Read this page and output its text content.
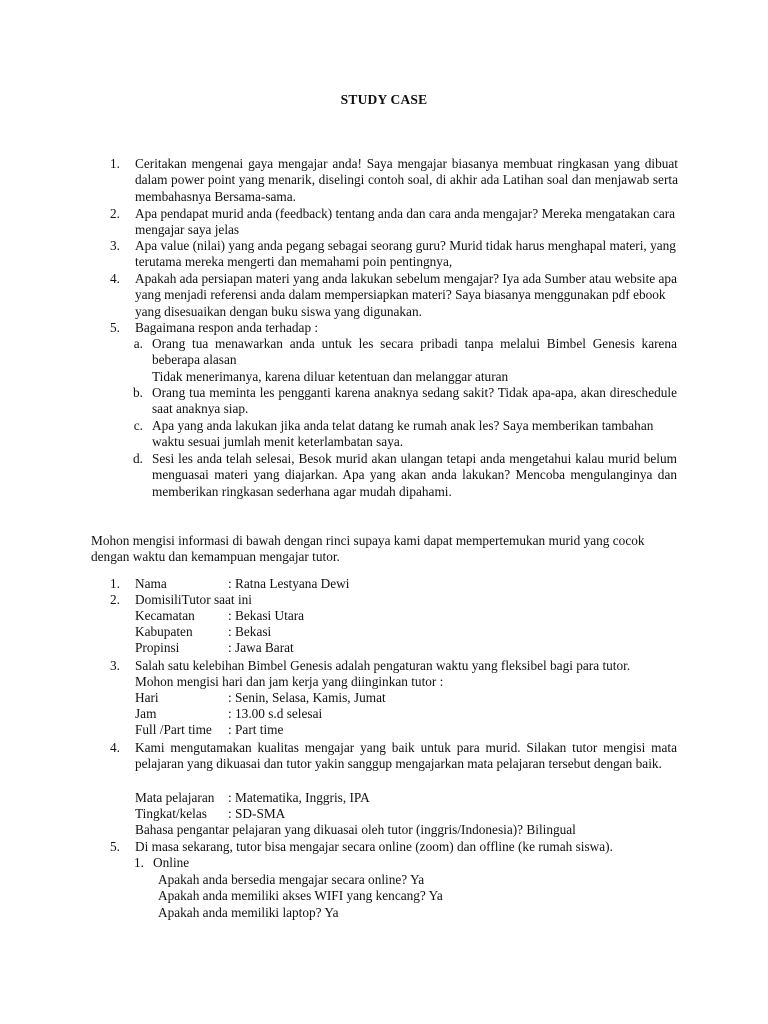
STUDY CASE
1. Ceritakan mengenai gaya mengajar anda! Saya mengajar biasanya membuat ringkasan yang dibuat dalam power point yang menarik, diselingi contoh soal, di akhir ada Latihan soal dan menjawab serta membahasnya Bersama-sama.
2. Apa pendapat murid anda (feedback) tentang anda dan cara anda mengajar? Mereka mengatakan cara mengajar saya jelas
3. Apa value (nilai) yang anda pegang sebagai seorang guru? Murid tidak harus menghapal materi, yang terutama mereka mengerti dan memahami poin pentingnya,
4. Apakah ada persiapan materi yang anda lakukan sebelum mengajar? Iya ada Sumber atau website apa yang menjadi referensi anda dalam mempersiapkan materi? Saya biasanya menggunakan pdf ebook yang disesuaikan dengan buku siswa yang digunakan.
5. Bagaimana respon anda terhadap :
a. Orang tua menawarkan anda untuk les secara pribadi tanpa melalui Bimbel Genesis karena beberapa alasan
Tidak menerimanya, karena diluar ketentuan dan melanggar aturan
b. Orang tua meminta les pengganti karena anaknya sedang sakit? Tidak apa-apa, akan direschedule saat anaknya siap.
c. Apa yang anda lakukan jika anda telat datang ke rumah anak les? Saya memberikan tambahan waktu sesuai jumlah menit keterlambatan saya.
d. Sesi les anda telah selesai, Besok murid akan ulangan tetapi anda mengetahui kalau murid belum menguasai materi yang diajarkan. Apa yang akan anda lakukan? Mencoba mengulanginya dan memberikan ringkasan sederhana agar mudah dipahami.
Mohon mengisi informasi di bawah dengan rinci supaya kami dapat mempertemukan murid yang cocok dengan waktu dan kemampuan mengajar tutor.
1. Nama	: Ratna Lestyana Dewi
2. DomisiliTutor saat ini
Kecamatan : Bekasi Utara
Kabupaten	: Bekasi
Propinsi	: Jawa Barat
3. Salah satu kelebihan Bimbel Genesis adalah pengaturan waktu yang fleksibel bagi para tutor.
Mohon mengisi hari dan jam kerja yang diinginkan tutor :
Hari	: Senin, Selasa, Kamis, Jumat
Jam	: 13.00 s.d selesai
Full /Part time : Part time
4. Kami mengutamakan kualitas mengajar yang baik untuk para murid. Silakan tutor mengisi mata pelajaran yang dikuasai dan tutor yakin sanggup mengajarkan mata pelajaran tersebut dengan baik.
Mata pelajaran : Matematika, Inggris, IPA
Tingkat/kelas : SD-SMA
Bahasa pengantar pelajaran yang dikuasai oleh tutor (inggris/Indonesia)? Bilingual
5. Di masa sekarang, tutor bisa mengajar secara online (zoom) dan offline (ke rumah siswa).
1. Online
Apakah anda bersedia mengajar secara online? Ya
Apakah anda memiliki akses WIFI yang kencang? Ya
Apakah anda memiliki laptop? Ya
